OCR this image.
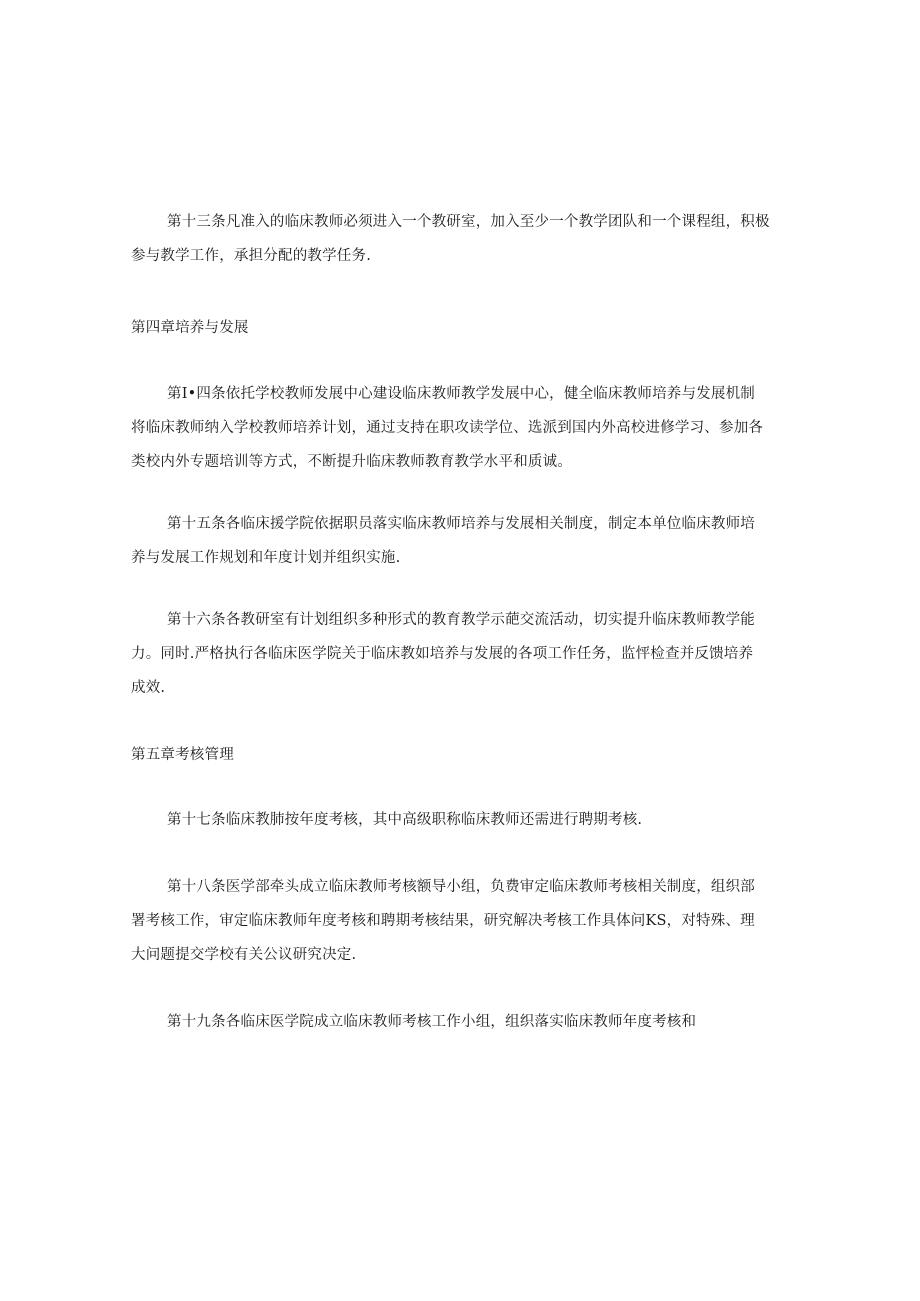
第十三条凡准入的临床教师必须进入一个教研室，加入至少一个教学团队和一个课程组，积极
参与教学工作，承担分配的教学任务.
第四章培养与发展
第I•四条依托学校教师发展中心建设临床教师教学发展中心，健全临床教师培养与发展机制
将临床教师纳入学校教师培养计划，通过支持在职攻读学位、选派到国内外高校进修学习、参加各
类校内外专题培训等方式，不断提升临床教师教育教学水平和质诚。
第十五条各临床援学院依据职员落实临床教师培养与发展相关制度，制定本单位临床教师培
养与发展工作规划和年度计划并组织实施.
第十六条各教研室有计划组织多种形式的教育教学示葩交流活动，切实提升临床教师教学能
力。同时.严格执行各临床医学院关于临床教如培养与发展的各项工作任务，监怦检查并反馈培养
成效.
第五章考核管理
第十七条临床教肺按年度考核，其中高级职称临床教师还需进行聘期考核.
第十八条医学部牵头成立临床教师考核额导小组，负费审定临床教师考核相关制度，组织部
署考核工作，审定临床教师年度考核和聘期考核结果，研究解决考核工作具体问KS，对特殊、理
大问题提交学校有关公议研究决定.
第十九条各临床医学院成立临床教师考核工作小组，组织落实临床教师年度考核和
